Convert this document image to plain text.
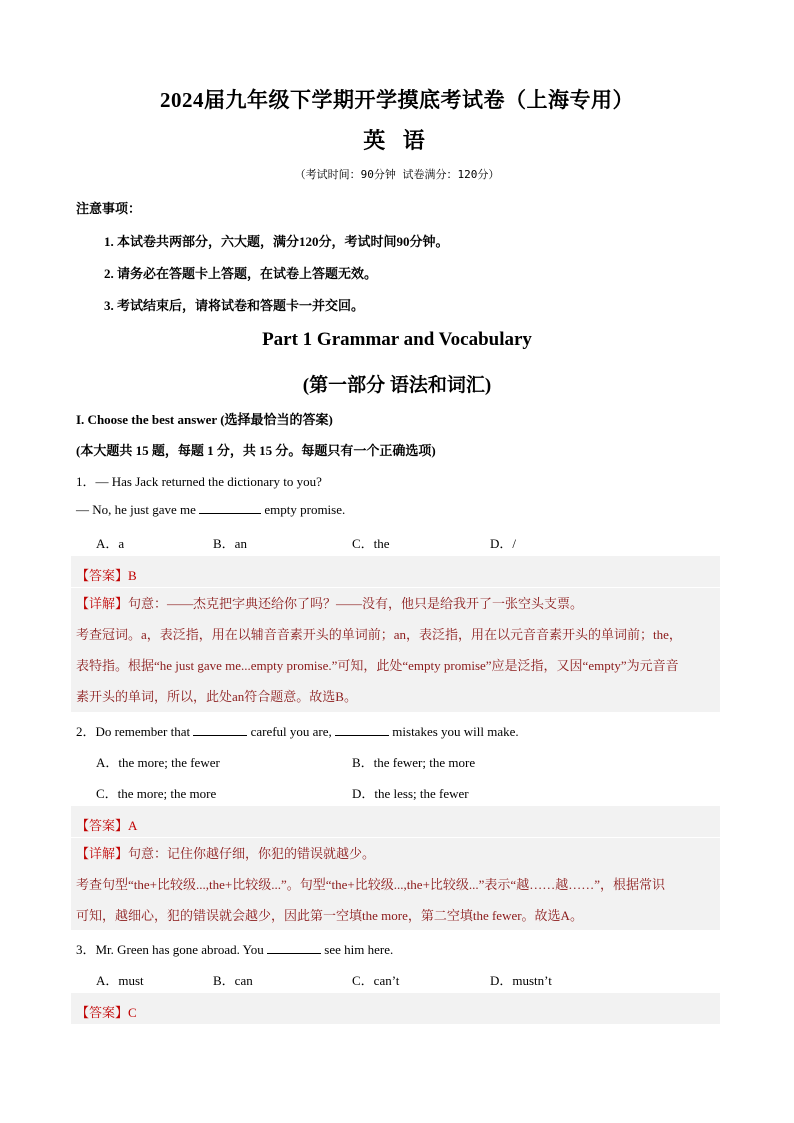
2024届九年级下学期开学摸底考试卷（上海专用）
英 语
（考试时间：90分钟 试卷满分：120分）
注意事项：
1. 本试卷共两部分，六大题，满分120分，考试时间90分钟。
2. 请务必在答题卡上答题，在试卷上答题无效。
3. 考试结束后，请将试卷和答题卡一并交回。
Part 1 Grammar and Vocabulary
(第一部分 语法和词汇)
I. Choose the best answer (选择最恰当的答案)
(本大题共 15 题，每题 1 分，共 15 分。每题只有一个正确选项)
1．— Has Jack returned the dictionary to you?
— No, he just gave me	empty promise.
A．a	B．an	C．the	D．/
【答案】B
【详解】句意：——杰克把字典还给你了吗？——没有，他只是给我开了一张空头支票。
考查冠词。a，表泛指，用在以辅音音素开头的单词前；an，表泛指，用在以元音音素开头的单词前；the，
表特指。根据“he just gave me...empty promise.”可知，此处“empty promise”应是泛指，又因“empty”为元音音
素开头的单词，所以，此处an符合题意。故选B。
2．Do remember that	careful you are,	mistakes you will make.
A．the more; the fewer	B．the fewer; the more
C．the more; the more	D．the less; the fewer
【答案】A
【详解】句意：记住你越仔细，你犯的错误就越少。
考查句型“the+比较级...,the+比较级...”。句型“the+比较级...,the+比较级...”表示“越……越……”，根据常识
可知，越细心，犯的错误就会越少，因此第一空填the more，第二空填the fewer。故选A。
3．Mr. Green has gone abroad. You	see him here.
A．must	B．can	C．can’t	D．mustn’t
【答案】C
